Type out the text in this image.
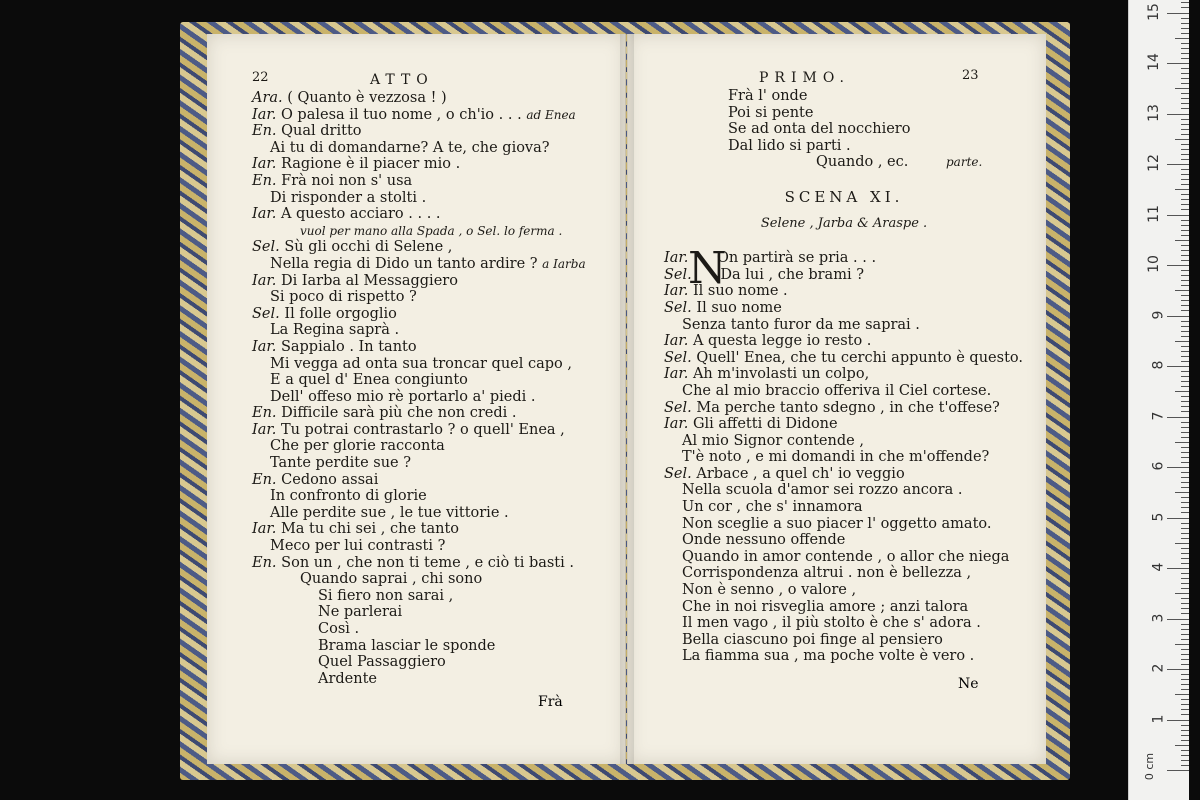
22	ATTO
Ara. ( Quanto è vezzosa ! )
Iar. O palesa il tuo nome , o ch'io . . . ad Enea
En. Qual dritto
Ai tu di domandarne? A te, che giova?
Iar. Ragione è il piacer mio .
En. Frà noi non s' usa
Di risponder a stolti .
Iar. A questo acciaro . . . .
vuol per mano alla Spada , o Sel. lo ferma .
Sel. Sù gli occhi di Selene ,
Nella regia di Dido un tanto ardire ? a Iarba
Iar. Di Iarba al Messaggiero
Si poco di rispetto ?
Sel. Il folle orgoglio
La Regina saprà .
Iar. Sappialo . In tanto
Mi vegga ad onta sua troncar quel capo ,
E a quel d' Enea congiunto
Dell' offeso mio rè portarlo a' piedi .
En. Difficile sarà più che non credi .
Iar. Tu potrai contrastarlo ? o quell' Enea ,
Che per glorie racconta
Tante perdite sue ?
En. Cedono assai
In confronto di glorie
Alle perdite sue , le tue vittorie .
Iar. Ma tu chi sei , che tanto
Meco per lui contrasti ?
En. Son un , che non ti teme , e ciò ti basti .
Quando saprai , chi sono
Si fiero non sarai ,
Ne parlerai
Così .
Brama lasciar le sponde
Quel Passaggiero
Ardente
Frà
PRIMO.	23
Frà l' onde
Poi si pente
Se ad onta del nocchiero
Dal lido si parti .
Quando , ec.	parte.
SCENA XI.
Selene , Jarba & Araspe .
N
Iar. On partirà se pria . . .
Sel. Da lui , che brami ?
Iar. Il suo nome .
Sel. Il suo nome
Senza tanto furor da me saprai .
Iar. A questa legge io resto .
Sel. Quell' Enea, che tu cerchi appunto è questo.
Iar. Ah m'involasti un colpo,
Che al mio braccio offeriva il Ciel cortese.
Sel. Ma perche tanto sdegno , in che t'offese?
Iar. Gli affetti di Didone
Al mio Signor contende ,
T'è noto , e mi domandi in che m'offende?
Sel. Arbace , a quel ch' io veggio
Nella scuola d'amor sei rozzo ancora .
Un cor , che s' innamora
Non sceglie a suo piacer l' oggetto amato.
Onde nessuno offende
Quando in amor contende , o allor che niega
Corrispondenza altrui . non è bellezza ,
Non è senno , o valore ,
Che in noi risveglia amore ; anzi talora
Il men vago , il più stolto è che s' adora .
Bella ciascuno poi finge al pensiero
La fiamma sua , ma poche volte è vero .
Ne
0 cm
1
2
3
4
5
6
7
8
9
10
11
12
13
14
15
